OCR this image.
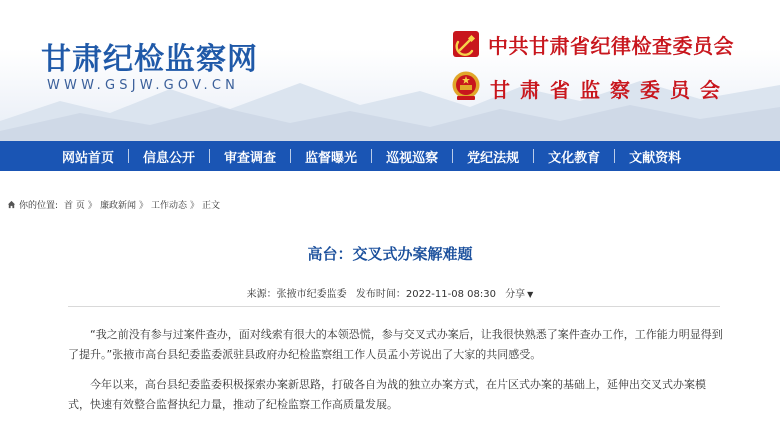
甘肃纪检监察网
WWW.GSJW.GOV.CN
中共甘肃省纪律检查委员会
甘肃省监察委员会
网站首页 信息公开 审查调查 监督曝光 巡视巡察 党纪法规 文化教育 文献资料
你的位置: 首 页 》 廉政新闻 》 工作动态 》 正文
高台：交叉式办案解难题
来源：张掖市纪委监委 发布时间：2022-11-08 08:30 分享 ▼

“我之前没有参与过案件查办，面对线索有很大的本领恐慌，参与交叉式办案后，让我很快熟悉了案件查办工作，工作能力明显得到了提升。”张掖市高台县纪委监委派驻县政府办纪检监察组工作人员孟小芳说出了大家的共同感受。

今年以来，高台县纪委监委积极探索办案新思路，打破各自为战的独立办案方式，在片区式办案的基础上，延伸出交叉式办案模式，快速有效整合监督执纪力量，推动了纪检监察工作高质量发展。
